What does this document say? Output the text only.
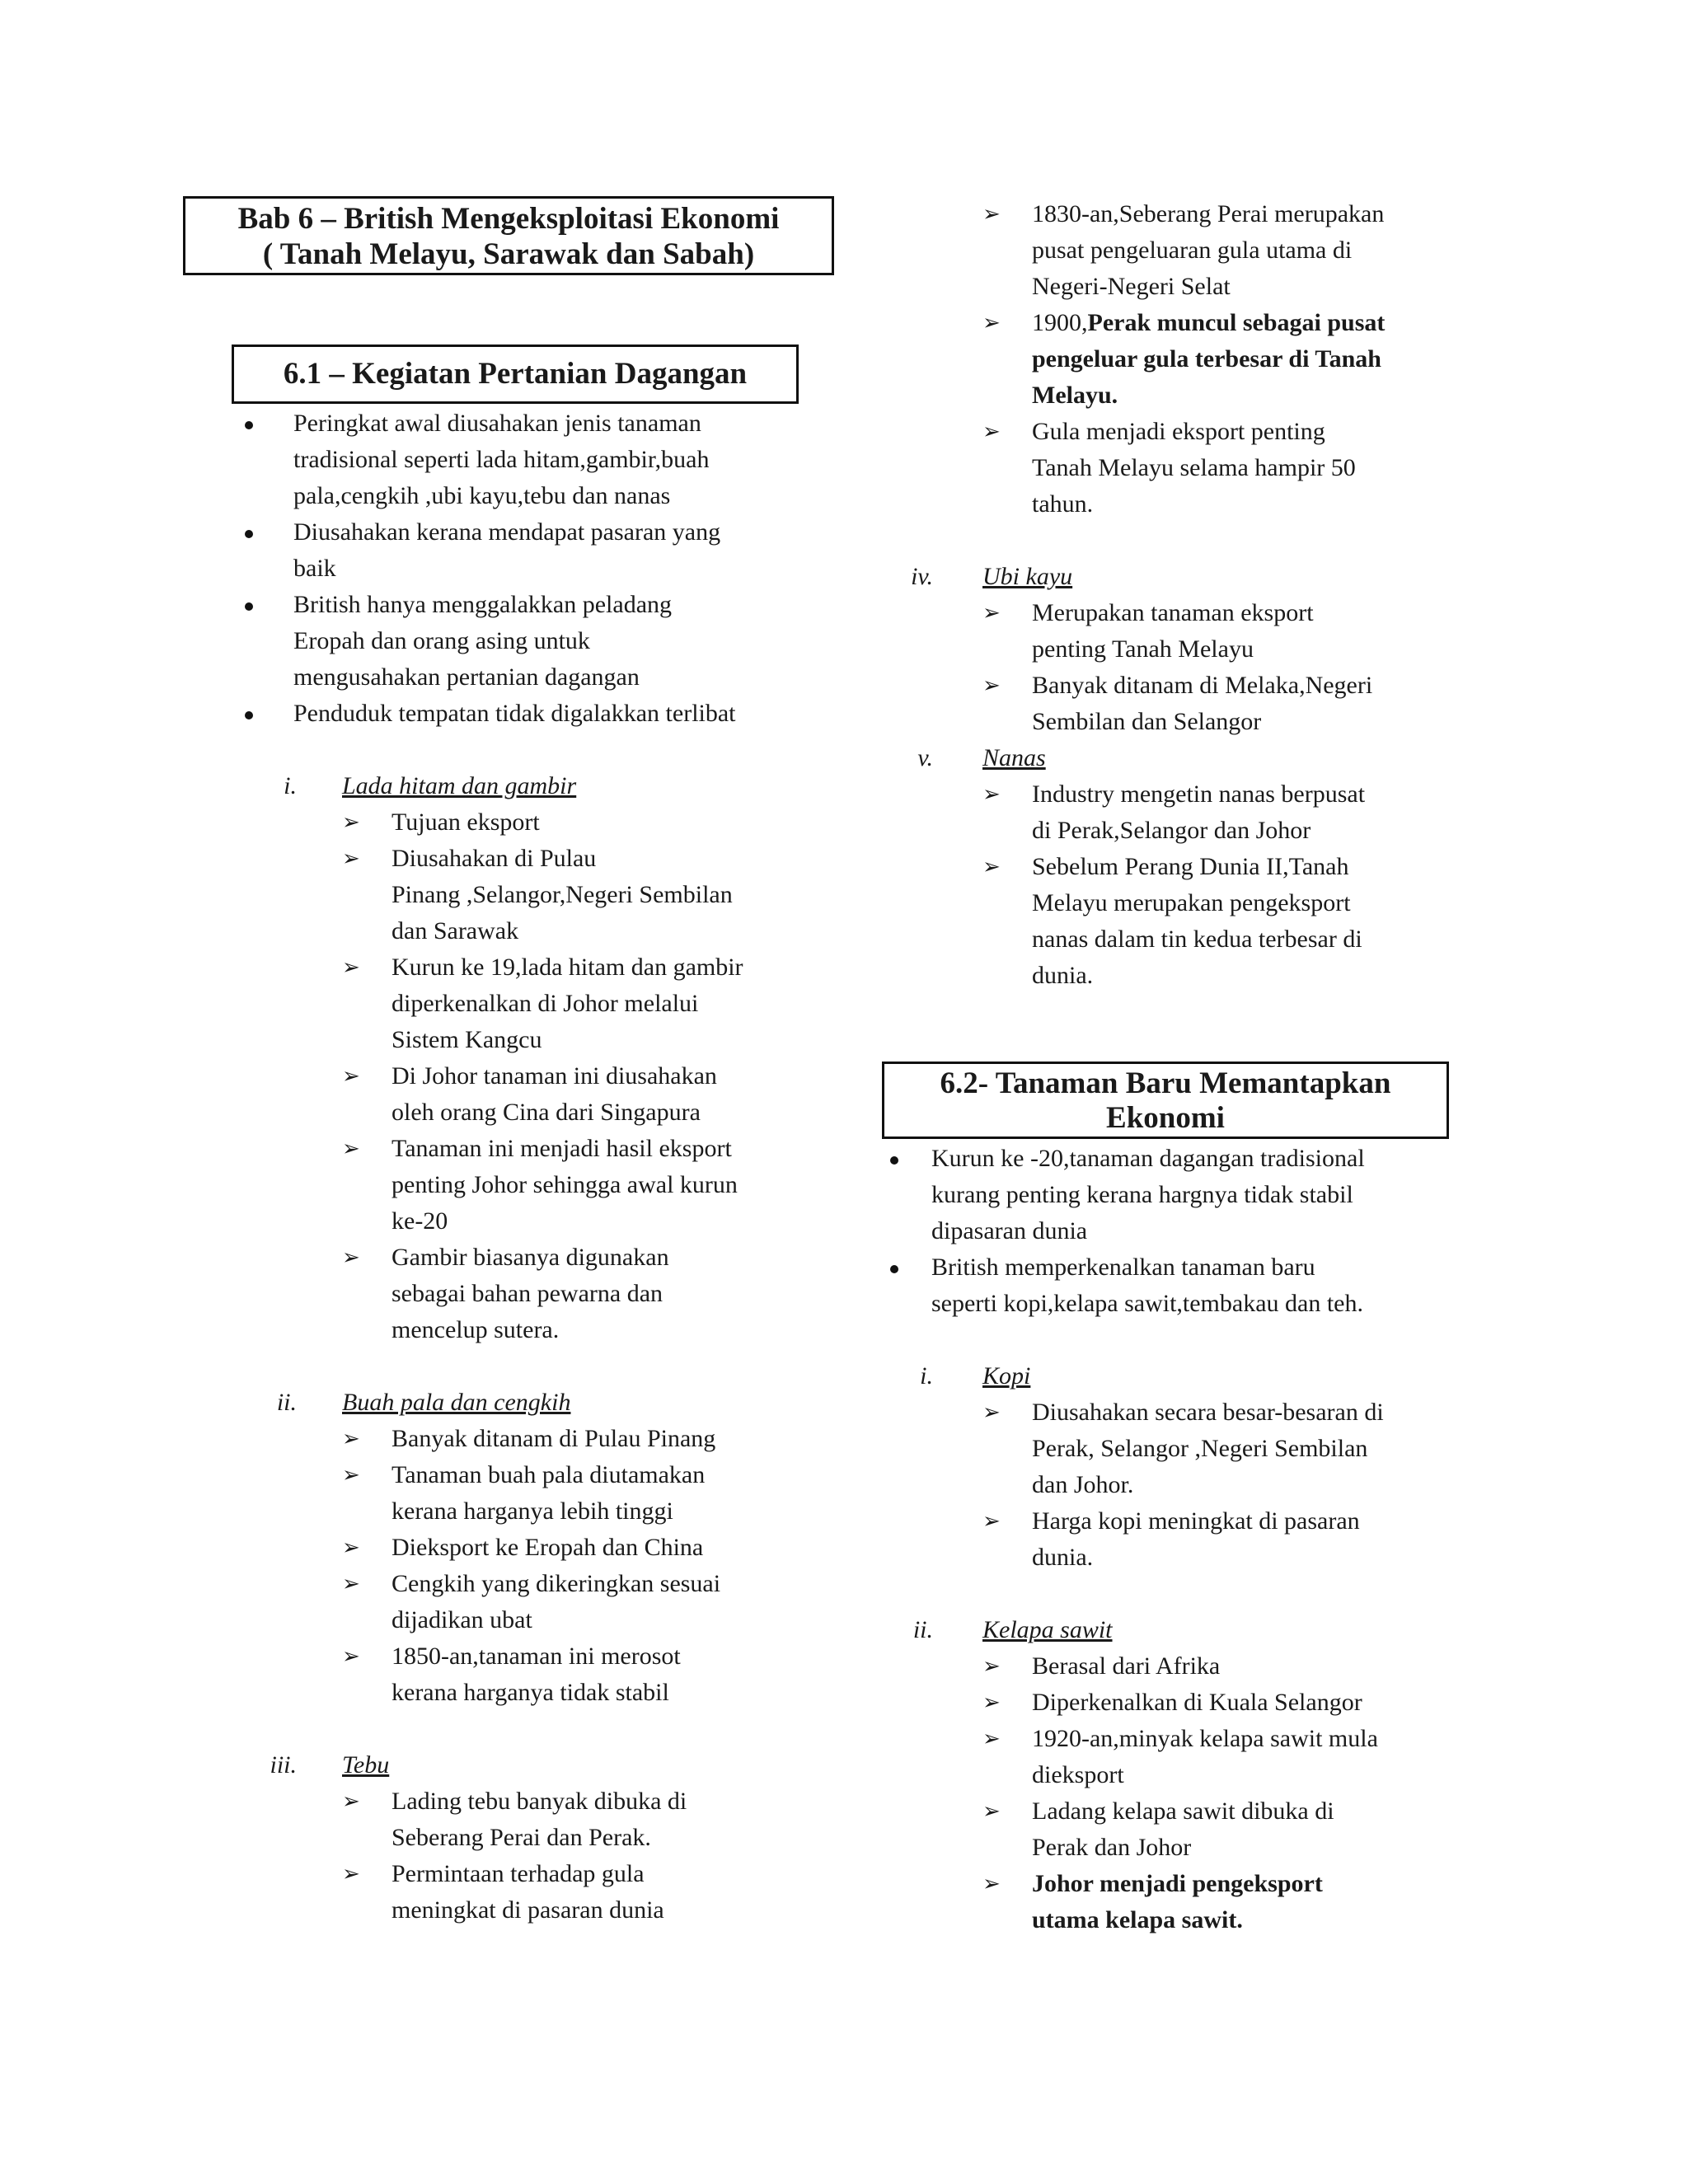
Bab 6 – British Mengeksploitasi Ekonomi
( Tanah Melayu, Sarawak dan Sabah)
6.1 – Kegiatan Pertanian Dagangan
Peringkat awal diusahakan jenis tanaman
tradisional seperti lada hitam,gambir,buah
pala,cengkih ,ubi kayu,tebu dan nanas
Diusahakan kerana mendapat pasaran yang
baik
British hanya menggalakkan peladang
Eropah dan orang asing untuk
mengusahakan pertanian dagangan
Penduduk tempatan tidak digalakkan terlibat
i. Lada hitam dan gambir
➢ Tujuan eksport
➢ Diusahakan di Pulau
Pinang ,Selangor,Negeri Sembilan
dan Sarawak
➢ Kurun ke 19,lada hitam dan gambir
diperkenalkan di Johor melalui
Sistem Kangcu
➢ Di Johor tanaman ini diusahakan
oleh orang Cina dari Singapura
➢ Tanaman ini menjadi hasil eksport
penting Johor sehingga awal kurun
ke-20
➢ Gambir biasanya digunakan
sebagai bahan pewarna dan
mencelup sutera.
ii. Buah pala dan cengkih
➢ Banyak ditanam di Pulau Pinang
➢ Tanaman buah pala diutamakan
kerana harganya lebih tinggi
➢ Dieksport ke Eropah dan China
➢ Cengkih yang dikeringkan sesuai
dijadikan ubat
➢ 1850-an,tanaman ini merosot
kerana harganya tidak stabil
iii. Tebu
➢ Lading tebu banyak dibuka di
Seberang Perai dan Perak.
➢ Permintaan terhadap gula
meningkat di pasaran dunia
➢ 1830-an,Seberang Perai merupakan
pusat pengeluaran gula utama di
Negeri-Negeri Selat
➢ 1900,Perak muncul sebagai pusat
pengeluar gula terbesar di Tanah
Melayu.
➢ Gula menjadi eksport penting
Tanah Melayu selama hampir 50
tahun.
iv. Ubi kayu
➢ Merupakan tanaman eksport
penting Tanah Melayu
➢ Banyak ditanam di Melaka,Negeri
Sembilan dan Selangor
v. Nanas
➢ Industry mengetin nanas berpusat
di Perak,Selangor dan Johor
➢ Sebelum Perang Dunia II,Tanah
Melayu merupakan pengeksport
nanas dalam tin kedua terbesar di
dunia.
6.2- Tanaman Baru Memantapkan
Ekonomi
Kurun ke -20,tanaman dagangan tradisional
kurang penting kerana hargnya tidak stabil
dipasaran dunia
British memperkenalkan tanaman baru
seperti kopi,kelapa sawit,tembakau dan teh.
i. Kopi
➢ Diusahakan secara besar-besaran di
Perak, Selangor ,Negeri Sembilan
dan Johor.
➢ Harga kopi meningkat di pasaran
dunia.
ii. Kelapa sawit
➢ Berasal dari Afrika
➢ Diperkenalkan di Kuala Selangor
➢ 1920-an,minyak kelapa sawit mula
dieksport
➢ Ladang kelapa sawit dibuka di
Perak dan Johor
➢ Johor menjadi pengeksport
utama kelapa sawit.
